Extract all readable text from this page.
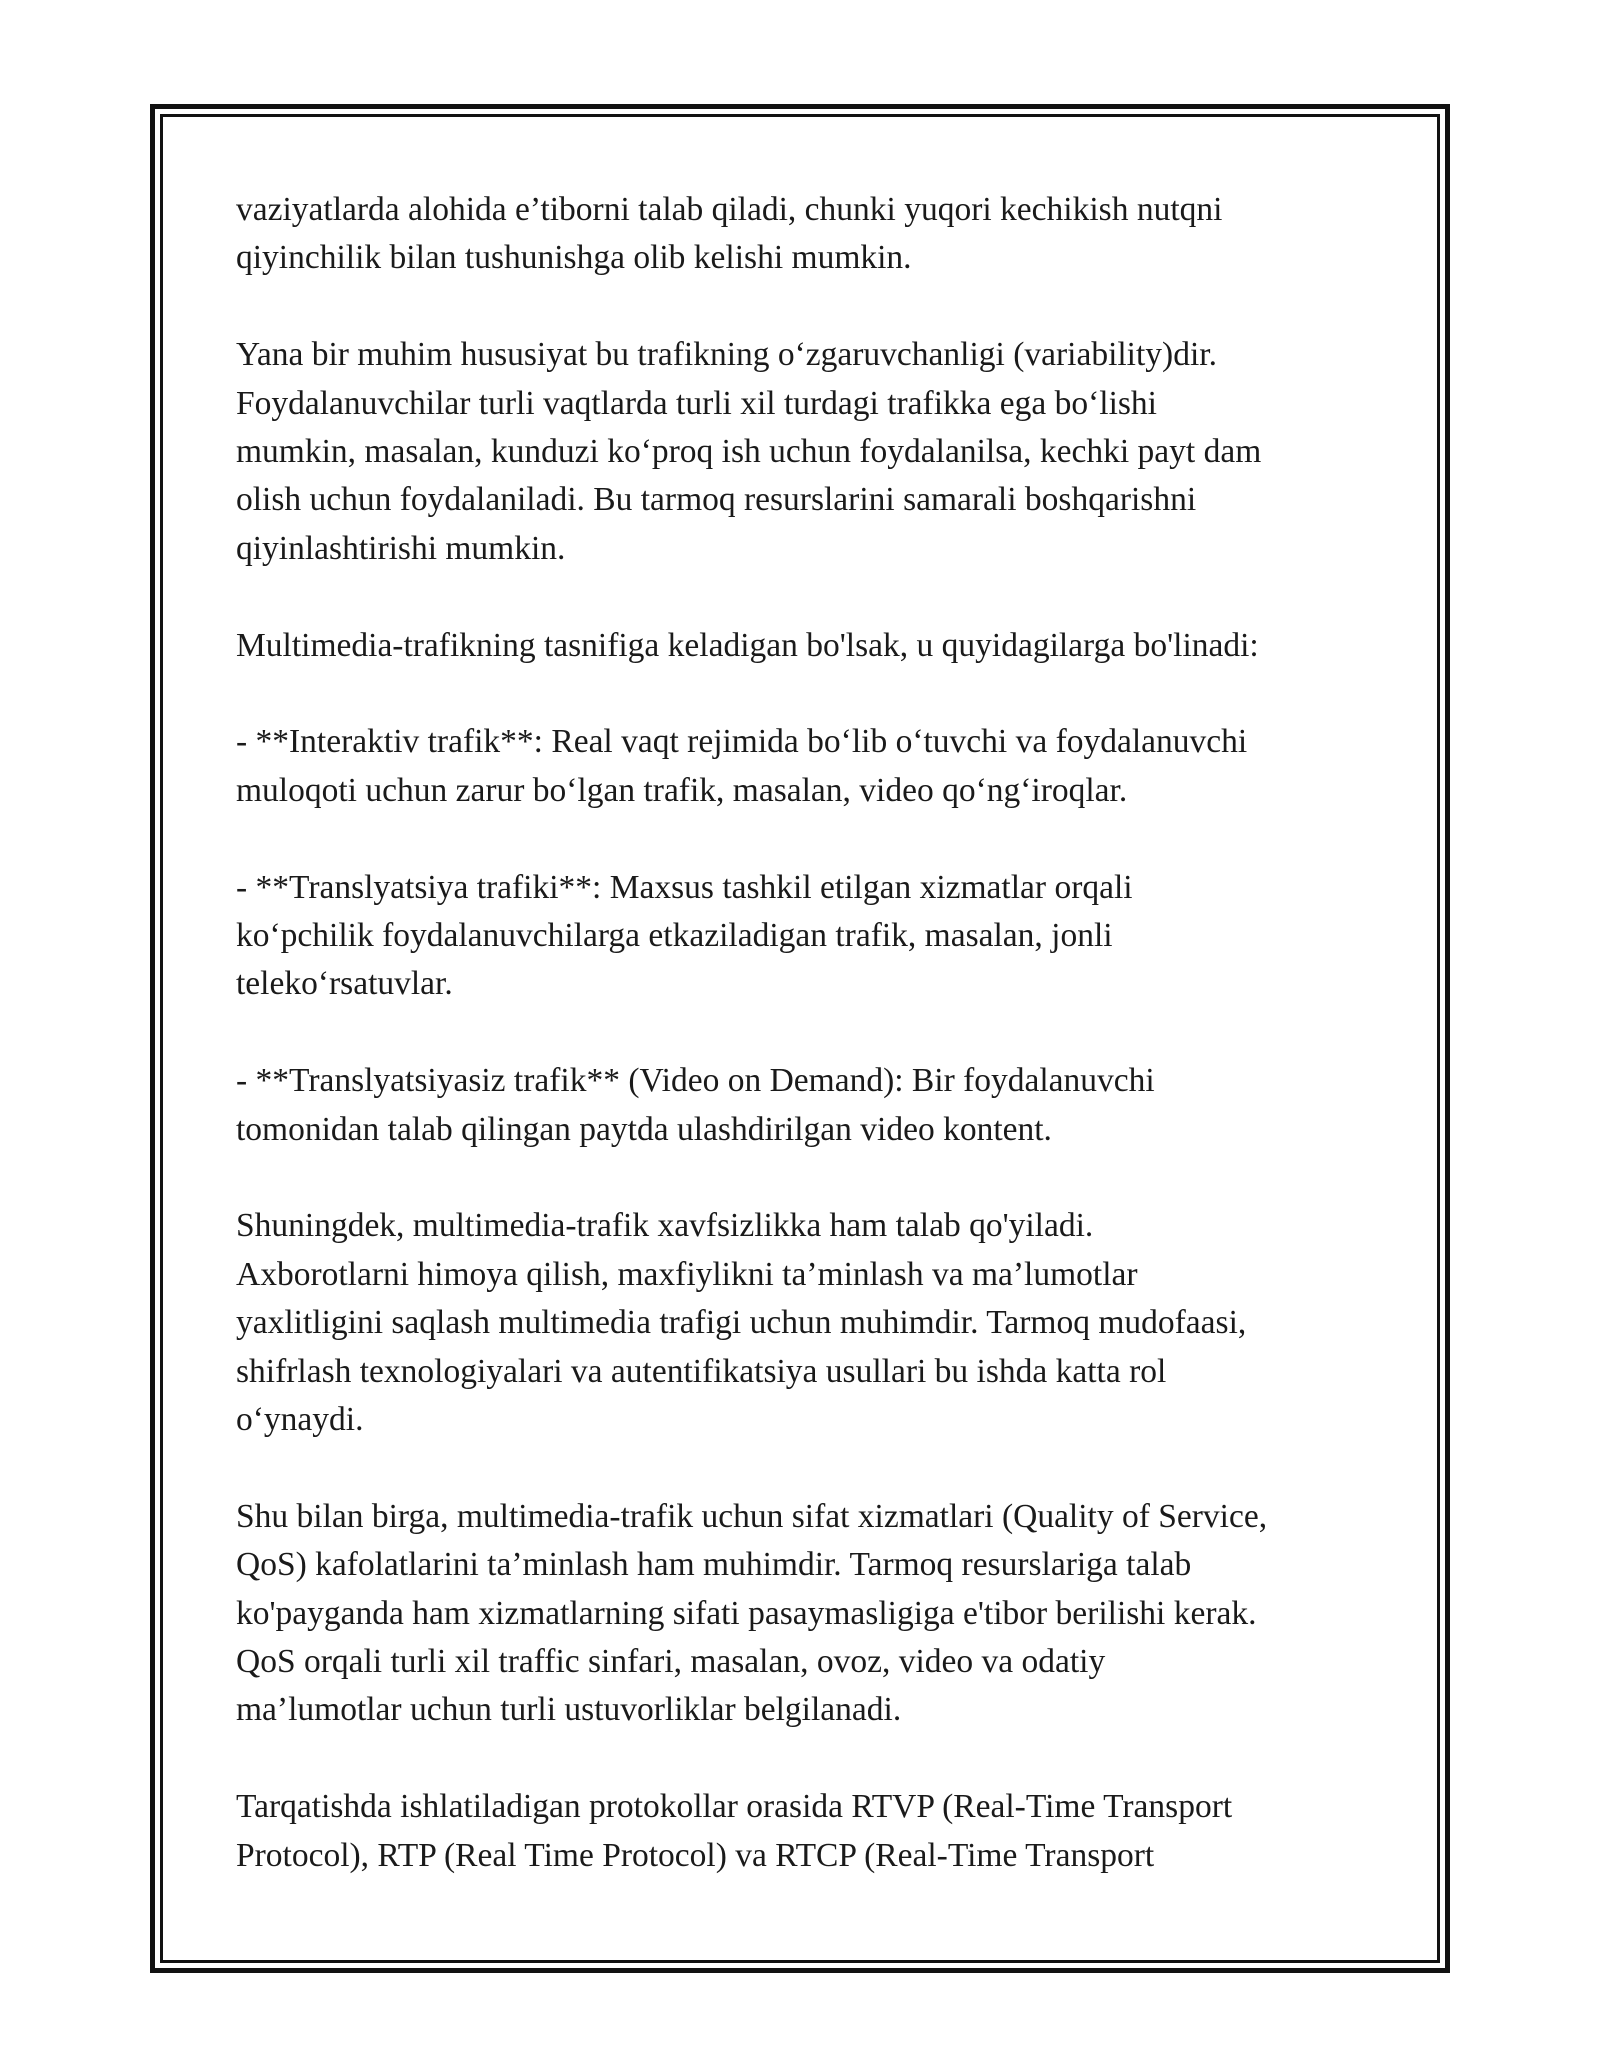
vaziyatlarda alohida e’tiborni talab qiladi, chunki yuqori kechikish nutqni
qiyinchilik bilan tushunishga olib kelishi mumkin.

Yana bir muhim hususiyat bu trafikning o‘zgaruvchanligi (variability)dir.
Foydalanuvchilar turli vaqtlarda turli xil turdagi trafikka ega bo‘lishi
mumkin, masalan, kunduzi ko‘proq ish uchun foydalanilsa, kechki payt dam
olish uchun foydalaniladi. Bu tarmoq resurslarini samarali boshqarishni
qiyinlashtirishi mumkin.

Multimedia-trafikning tasnifiga keladigan bo'lsak, u quyidagilarga bo'linadi:

- **Interaktiv trafik**: Real vaqt rejimida bo‘lib o‘tuvchi va foydalanuvchi
muloqoti uchun zarur bo‘lgan trafik, masalan, video qo‘ng‘iroqlar.

- **Translyatsiya trafiki**: Maxsus tashkil etilgan xizmatlar orqali
ko‘pchilik foydalanuvchilarga etkaziladigan trafik, masalan, jonli
teleko‘rsatuvlar.

- **Translyatsiyasiz trafik** (Video on Demand): Bir foydalanuvchi
tomonidan talab qilingan paytda ulashdirilgan video kontent.

Shuningdek, multimedia-trafik xavfsizlikka ham talab qo'yiladi.
Axborotlarni himoya qilish, maxfiylikni ta’minlash va ma’lumotlar
yaxlitligini saqlash multimedia trafigi uchun muhimdir. Tarmoq mudofaasi,
shifrlash texnologiyalari va autentifikatsiya usullari bu ishda katta rol
o‘ynaydi.

Shu bilan birga, multimedia-trafik uchun sifat xizmatlari (Quality of Service,
QoS) kafolatlarini ta’minlash ham muhimdir. Tarmoq resurslariga talab
ko'payganda ham xizmatlarning sifati pasaymasligiga e'tibor berilishi kerak.
QoS orqali turli xil traffic sinfari, masalan, ovoz, video va odatiy
ma’lumotlar uchun turli ustuvorliklar belgilanadi.

Tarqatishda ishlatiladigan protokollar orasida RTVP (Real-Time Transport
Protocol), RTP (Real Time Protocol) va RTCP (Real-Time Transport
